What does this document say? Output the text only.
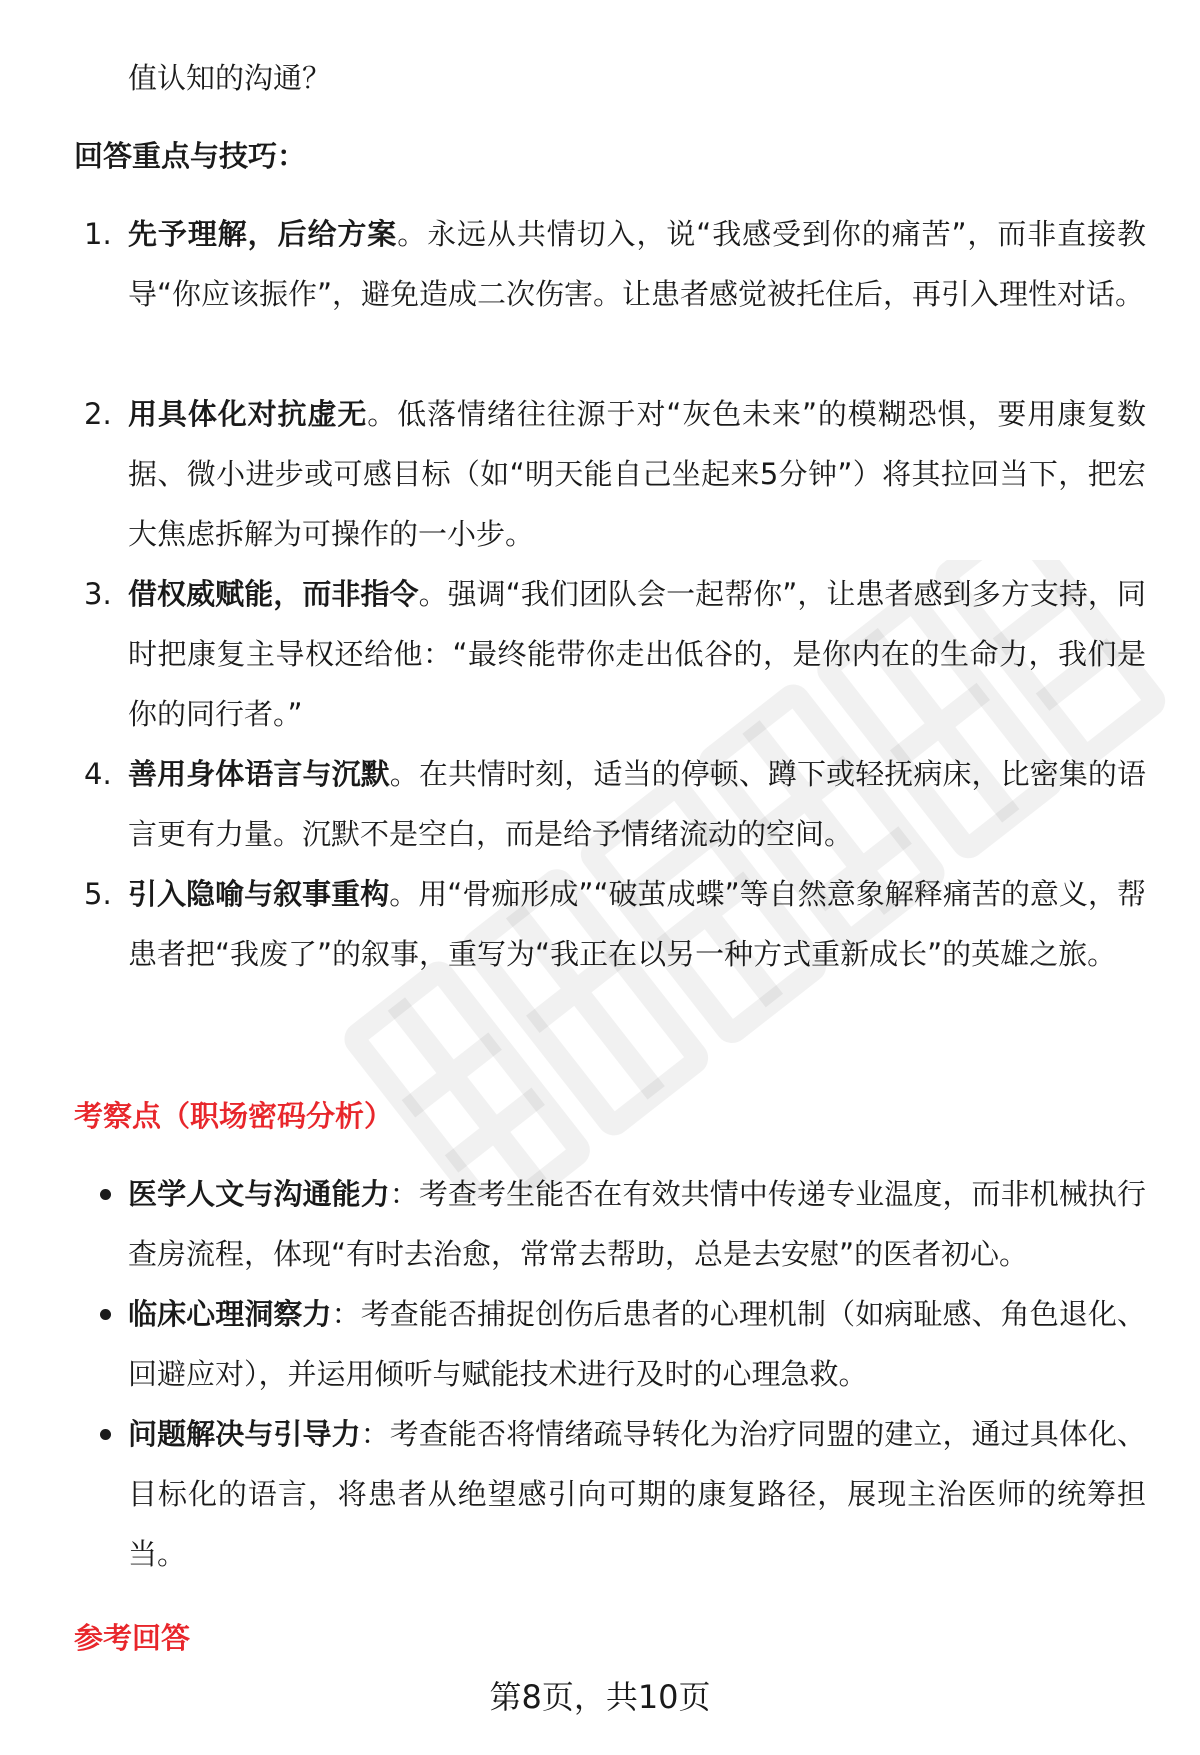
值认知的沟通？
回答重点与技巧：
1. 先予理解，后给方案。永远从共情切入，说“我感受到你的痛苦”，而非直接教导“你应该振作”，避免造成二次伤害。让患者感觉被托住后，再引入理性对话。
2. 用具体化对抗虚无。低落情绪往往源于对“灰色未来”的模糊恐惧，要用康复数据、微小进步或可感目标（如“明天能自己坐起来5分钟”）将其拉回当下，把宏大焦虑拆解为可操作的一小步。
3. 借权威赋能，而非指令。强调“我们团队会一起帮你”，让患者感到多方支持，同时把康复主导权还给他：“最终能带你走出低谷的，是你内在的生命力，我们是你的同行者。”
4. 善用身体语言与沉默。在共情时刻，适当的停顿、蹲下或轻抚病床，比密集的语言更有力量。沉默不是空白，而是给予情绪流动的空间。
5. 引入隐喻与叙事重构。用“骨痂形成”“破茧成蝶”等自然意象解释痛苦的意义，帮患者把“我废了”的叙事，重写为“我正在以另一种方式重新成长”的英雄之旅。
考察点（职场密码分析）
医学人文与沟通能力：考查考生能否在有效共情中传递专业温度，而非机械执行查房流程，体现“有时去治愈，常常去帮助，总是去安慰”的医者初心。
临床心理洞察力：考查能否捕捉创伤后患者的心理机制（如病耻感、角色退化、回避应对），并运用倾听与赋能技术进行及时的心理急救。
问题解决与引导力：考查能否将情绪疏导转化为治疗同盟的建立，通过具体化、目标化的语言，将患者从绝望感引向可期的康复路径，展现主治医师的统筹担当。
参考回答
第8页，共10页
